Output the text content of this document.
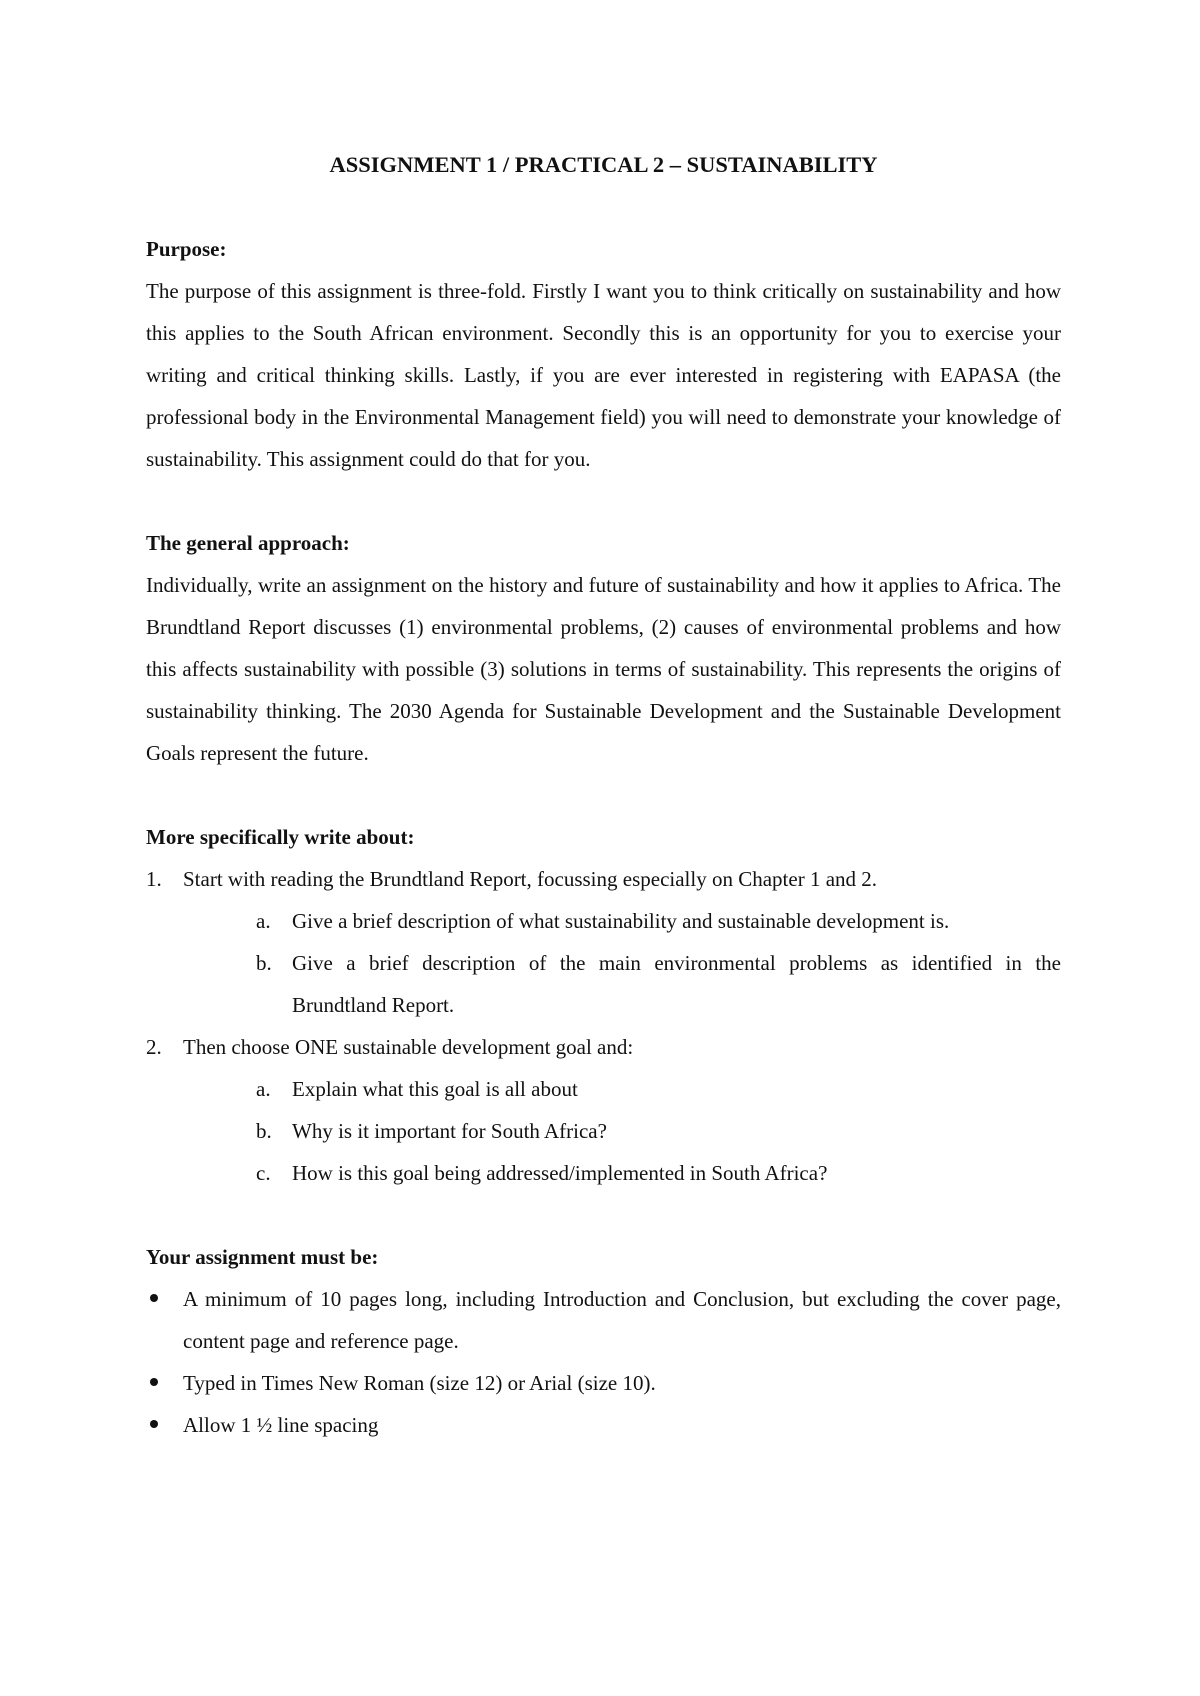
ASSIGNMENT 1 / PRACTICAL 2 – SUSTAINABILITY

Purpose:

The purpose of this assignment is three-fold. Firstly I want you to think critically on sustainability and how this applies to the South African environment. Secondly this is an opportunity for you to exercise your writing and critical thinking skills. Lastly, if you are ever interested in registering with EAPASA (the professional body in the Environmental Management field) you will need to demonstrate your knowledge of sustainability. This assignment could do that for you.

The general approach:

Individually, write an assignment on the history and future of sustainability and how it applies to Africa. The Brundtland Report discusses (1) environmental problems, (2) causes of environmental problems and how this affects sustainability with possible (3) solutions in terms of sustainability. This represents the origins of sustainability thinking. The 2030 Agenda for Sustainable Development and the Sustainable Development Goals represent the future.

More specifically write about:

1. Start with reading the Brundtland Report, focussing especially on Chapter 1 and 2.
a. Give a brief description of what sustainability and sustainable development is.
b. Give a brief description of the main environmental problems as identified in the Brundtland Report.
2. Then choose ONE sustainable development goal and:
a. Explain what this goal is all about
b. Why is it important for South Africa?
c. How is this goal being addressed/implemented in South Africa?

Your assignment must be:

A minimum of 10 pages long, including Introduction and Conclusion, but excluding the cover page, content page and reference page.
Typed in Times New Roman (size 12) or Arial (size 10).
Allow 1 ½ line spacing
